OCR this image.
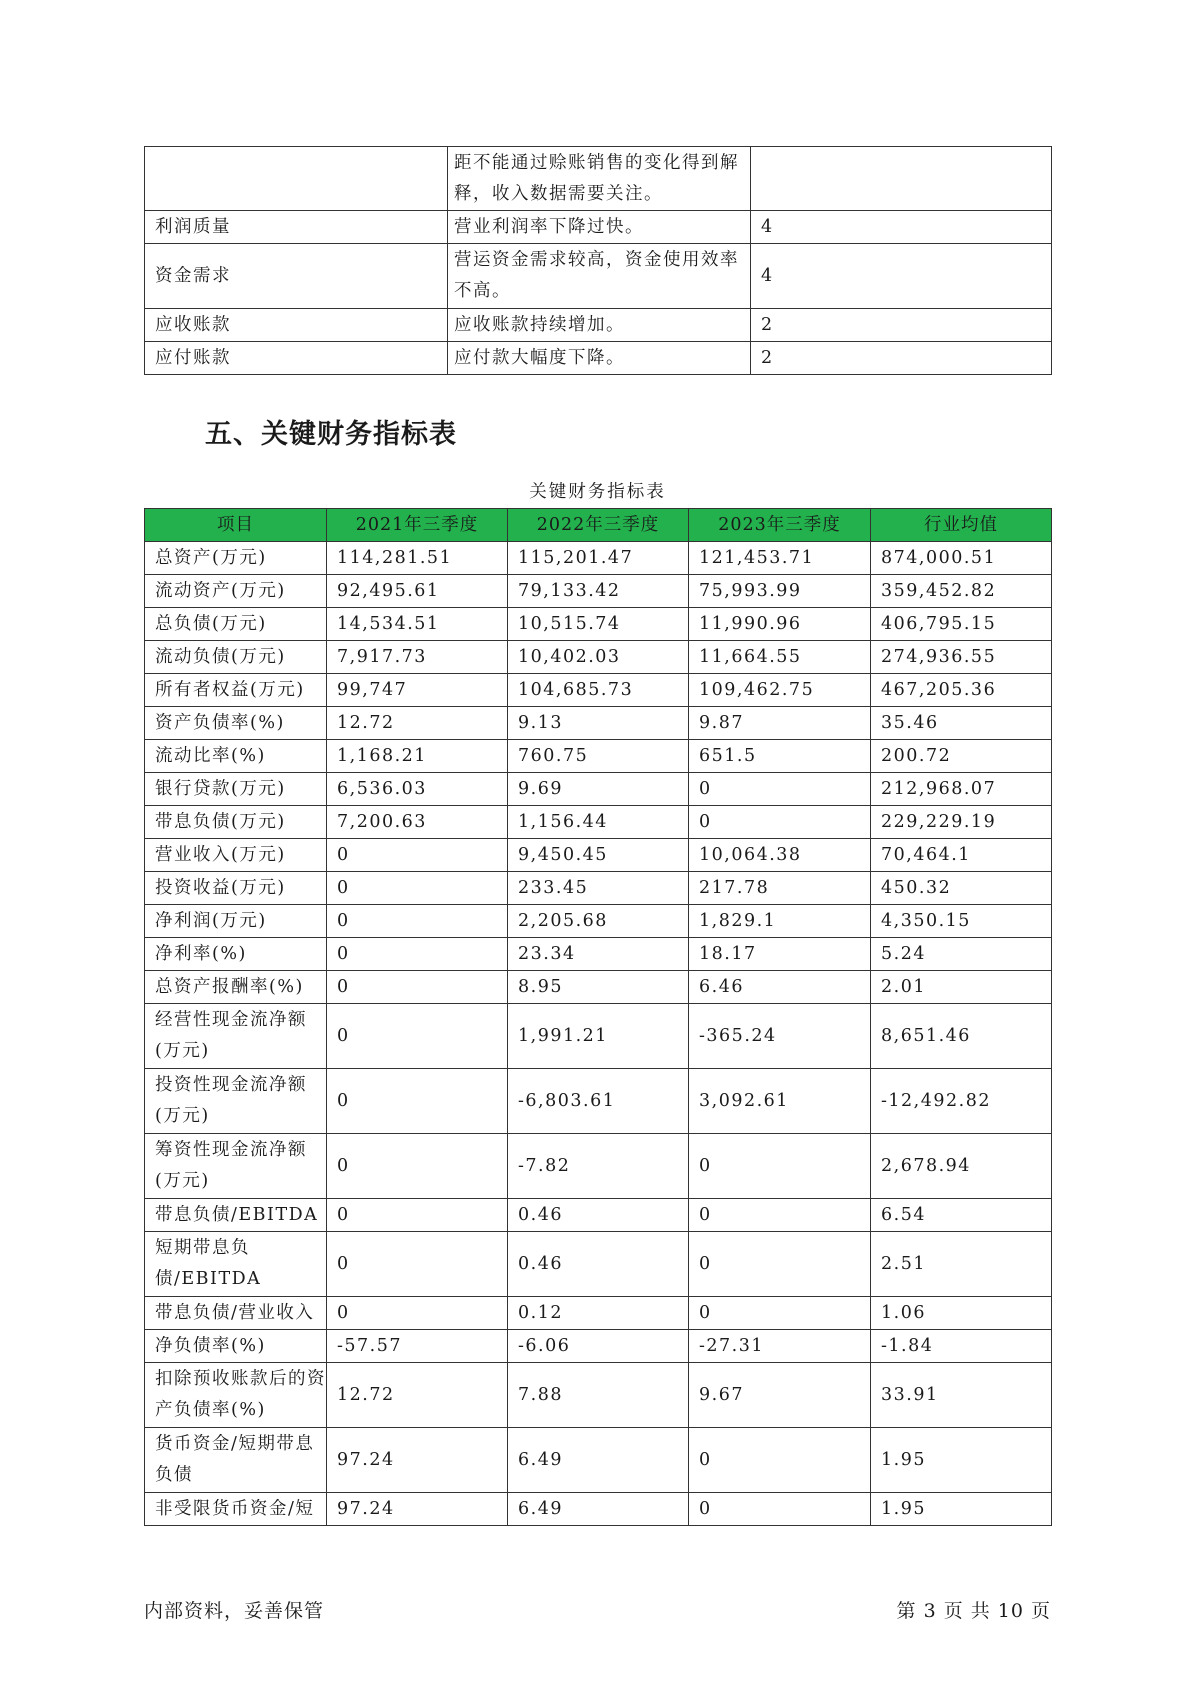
	距不能通过赊账销售的变化得到解释，收入数据需要关注。	
利润质量	营业利润率下降过快。	4
资金需求	营运资金需求较高，资金使用效率不高。	4
应收账款	应收账款持续增加。	2
应付账款	应付款大幅度下降。	2
五、关键财务指标表
关键财务指标表
项目	2021年三季度	2022年三季度	2023年三季度	行业均值
总资产(万元)	114,281.51	115,201.47	121,453.71	874,000.51
流动资产(万元)	92,495.61	79,133.42	75,993.99	359,452.82
总负债(万元)	14,534.51	10,515.74	11,990.96	406,795.15
流动负债(万元)	7,917.73	10,402.03	11,664.55	274,936.55
所有者权益(万元)	99,747	104,685.73	109,462.75	467,205.36
资产负债率(%)	12.72	9.13	9.87	35.46
流动比率(%)	1,168.21	760.75	651.5	200.72
银行贷款(万元)	6,536.03	9.69	0	212,968.07
带息负债(万元)	7,200.63	1,156.44	0	229,229.19
营业收入(万元)	0	9,450.45	10,064.38	70,464.1
投资收益(万元)	0	233.45	217.78	450.32
净利润(万元)	0	2,205.68	1,829.1	4,350.15
净利率(%)	0	23.34	18.17	5.24
总资产报酬率(%)	0	8.95	6.46	2.01
经营性现金流净额(万元)	0	1,991.21	-365.24	8,651.46
投资性现金流净额(万元)	0	-6,803.61	3,092.61	-12,492.82
筹资性现金流净额(万元)	0	-7.82	0	2,678.94
带息负债/EBITDA	0	0.46	0	6.54
短期带息负债/EBITDA	0	0.46	0	2.51
带息负债/营业收入	0	0.12	0	1.06
净负债率(%)	-57.57	-6.06	-27.31	-1.84
扣除预收账款后的资产负债率(%)	12.72	7.88	9.67	33.91
货币资金/短期带息负债	97.24	6.49	0	1.95
非受限货币资金/短	97.24	6.49	0	1.95
内部资料，妥善保管	第 3 页 共 10 页
